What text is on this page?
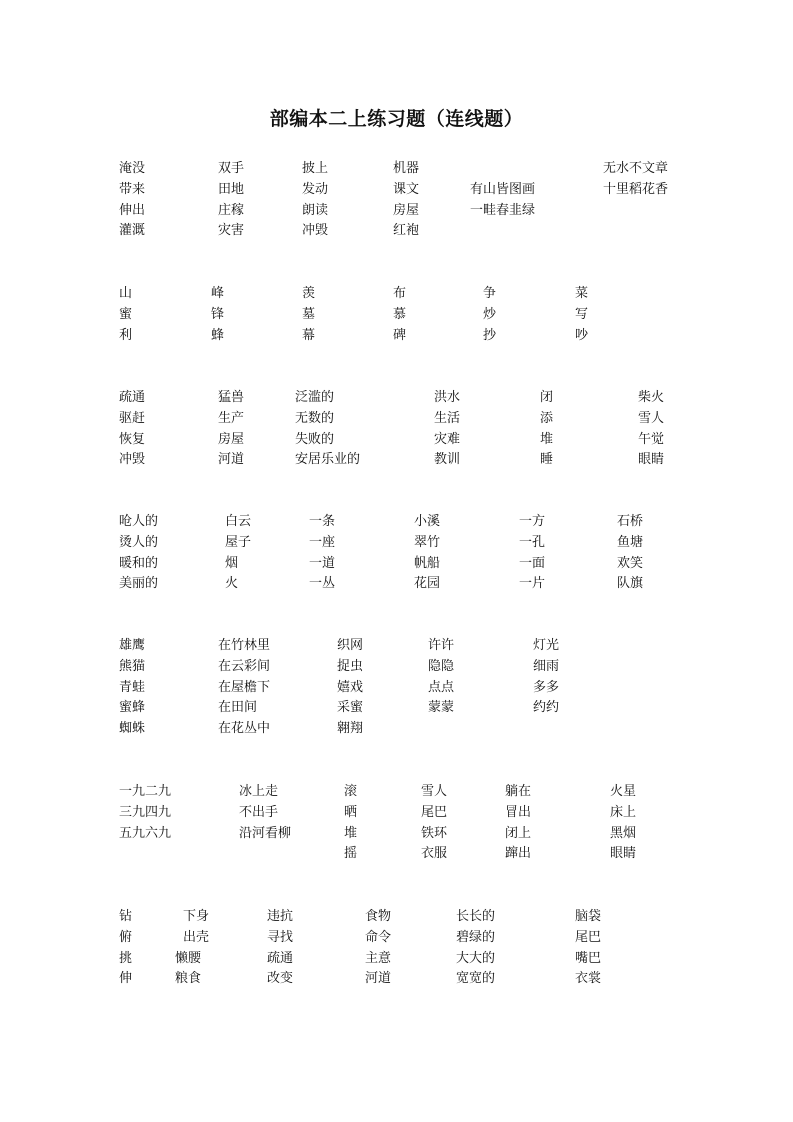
部编本二上练习题（连线题）
淹没
带来
伸出
灌溉
双手
田地
庄稼
灾害
披上
发动
朗读
冲毁
机器
课文
房屋
红袍
有山皆图画
一畦春韭绿
无水不文章
十里稻花香
山
蜜
利
峰
锋
蜂
羡
墓
幕
布
慕
碑
争
炒
抄
菜
写
吵
疏通
驱赶
恢复
冲毁
猛兽
生产
房屋
河道
泛滥的
无数的
失败的
安居乐业的
洪水
生活
灾难
教训
闭
添
堆
睡
柴火
雪人
午觉
眼睛
呛人的
烫人的
暖和的
美丽的
白云
屋子
烟
火
一条
一座
一道
一丛
小溪
翠竹
帆船
花园
一方
一孔
一面
一片
石桥
鱼塘
欢笑
队旗
雄鹰
熊猫
青蛙
蜜蜂
蜘蛛
在竹林里
在云彩间
在屋檐下
在田间
在花丛中
织网
捉虫
嬉戏
采蜜
翱翔
许许
隐隐
点点
蒙蒙
灯光
细雨
多多
约约
一九二九
三九四九
五九六九
冰上走
不出手
沿河看柳
滚
晒
堆
摇
雪人
尾巴
铁环
衣服
躺在
冒出
闭上
蹿出
火星
床上
黑烟
眼睛
钻
俯
挑
伸
下身
出壳
懒腰
粮食
违抗
寻找
疏通
改变
食物
命令
主意
河道
长长的
碧绿的
大大的
宽宽的
脑袋
尾巴
嘴巴
衣裳
